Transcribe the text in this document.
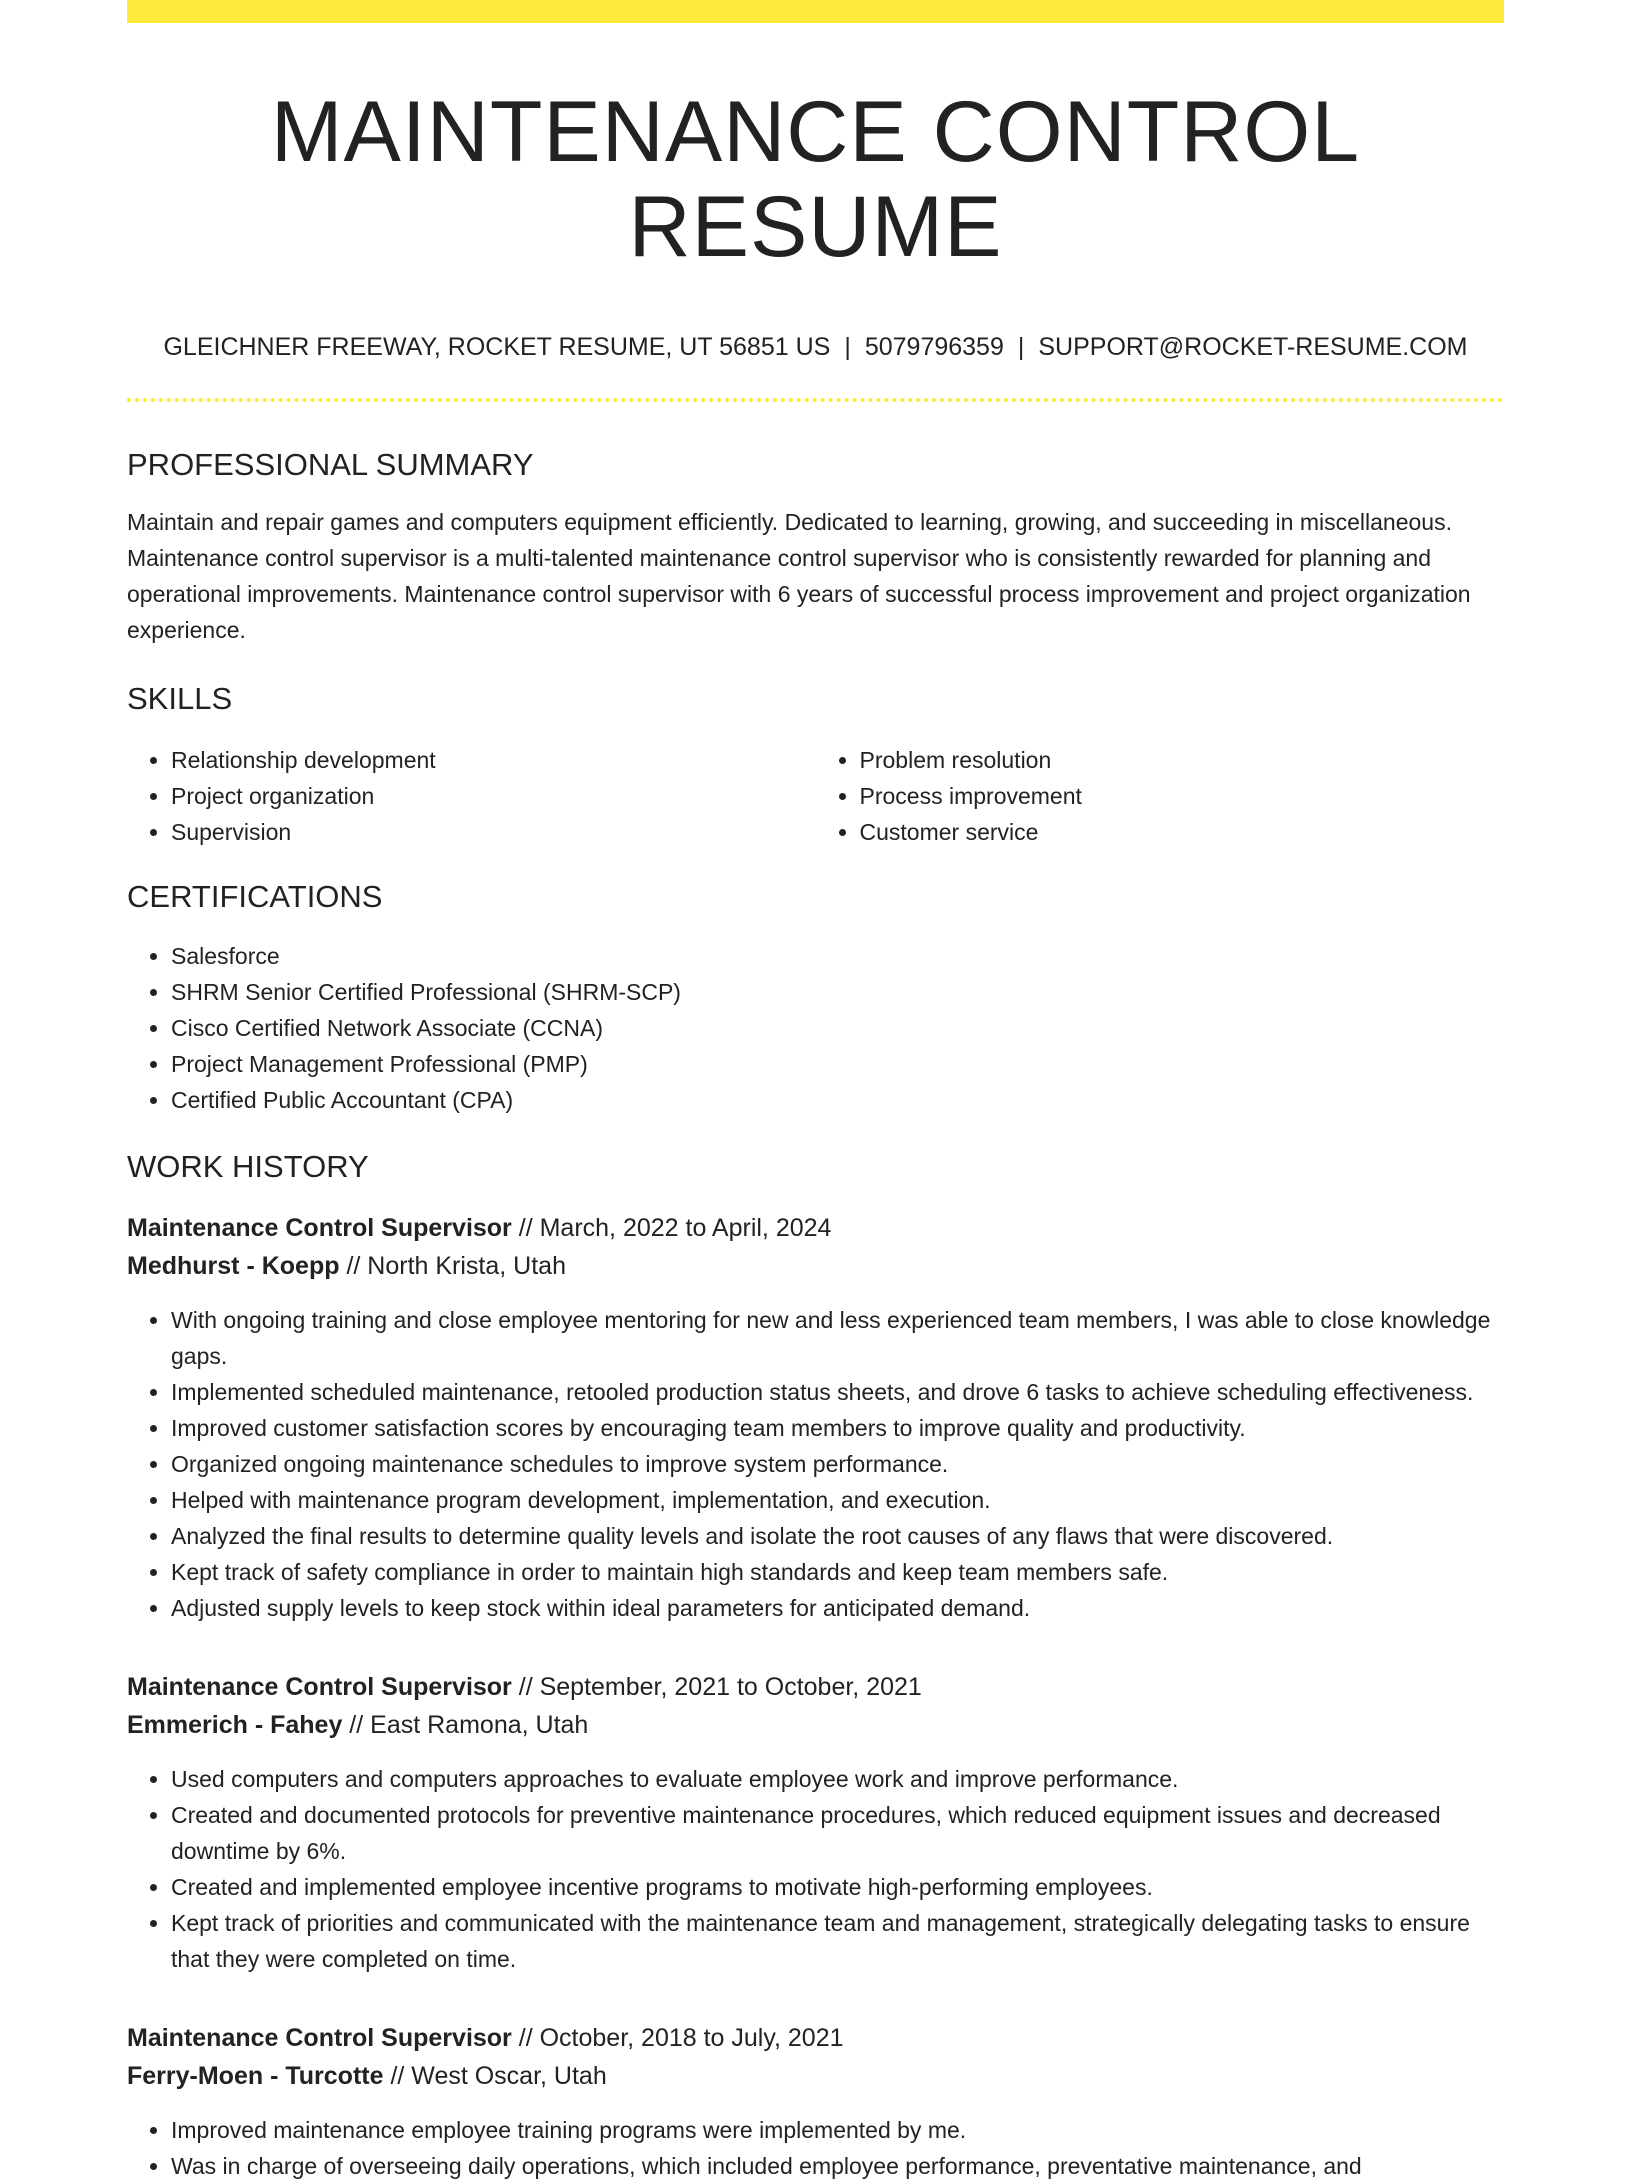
MAINTENANCE CONTROL RESUME
GLEICHNER FREEWAY, ROCKET RESUME, UT 56851 US | 5079796359 | SUPPORT@ROCKET-RESUME.COM
PROFESSIONAL SUMMARY
Maintain and repair games and computers equipment efficiently. Dedicated to learning, growing, and succeeding in miscellaneous. Maintenance control supervisor is a multi-talented maintenance control supervisor who is consistently rewarded for planning and operational improvements. Maintenance control supervisor with 6 years of successful process improvement and project organization experience.
SKILLS
• Relationship development
• Project organization
• Supervision
• Problem resolution
• Process improvement
• Customer service
CERTIFICATIONS
• Salesforce
• SHRM Senior Certified Professional (SHRM-SCP)
• Cisco Certified Network Associate (CCNA)
• Project Management Professional (PMP)
• Certified Public Accountant (CPA)
WORK HISTORY
Maintenance Control Supervisor // March, 2022 to April, 2024
Medhurst - Koepp // North Krista, Utah
• With ongoing training and close employee mentoring for new and less experienced team members, I was able to close knowledge gaps.
• Implemented scheduled maintenance, retooled production status sheets, and drove 6 tasks to achieve scheduling effectiveness.
• Improved customer satisfaction scores by encouraging team members to improve quality and productivity.
• Organized ongoing maintenance schedules to improve system performance.
• Helped with maintenance program development, implementation, and execution.
• Analyzed the final results to determine quality levels and isolate the root causes of any flaws that were discovered.
• Kept track of safety compliance in order to maintain high standards and keep team members safe.
• Adjusted supply levels to keep stock within ideal parameters for anticipated demand.
Maintenance Control Supervisor // September, 2021 to October, 2021
Emmerich - Fahey // East Ramona, Utah
• Used computers and computers approaches to evaluate employee work and improve performance.
• Created and documented protocols for preventive maintenance procedures, which reduced equipment issues and decreased downtime by 6%.
• Created and implemented employee incentive programs to motivate high-performing employees.
• Kept track of priorities and communicated with the maintenance team and management, strategically delegating tasks to ensure that they were completed on time.
Maintenance Control Supervisor // October, 2018 to July, 2021
Ferry-Moen - Turcotte // West Oscar, Utah
• Improved maintenance employee training programs were implemented by me.
• Was in charge of overseeing daily operations, which included employee performance, preventative maintenance, and
